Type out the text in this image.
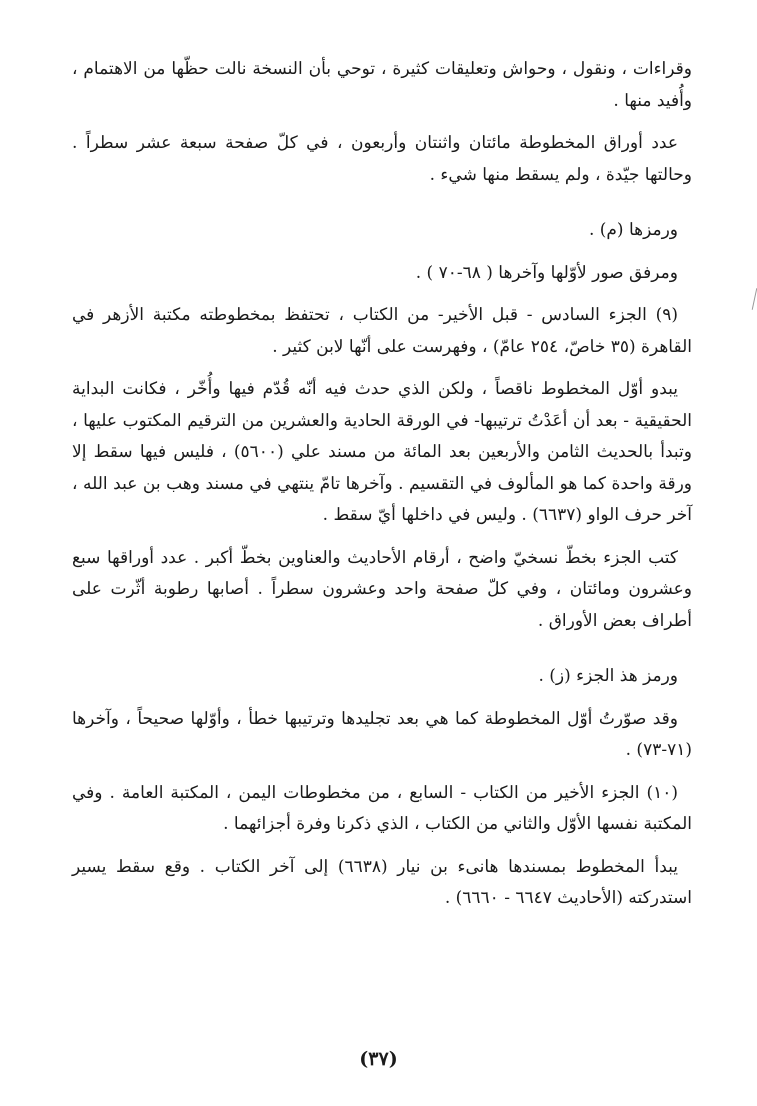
وقراءات ، ونقول ، وحواش وتعليقات كثيرة ، توحي بأن النسخة نالت حظّها من الاهتمام ، وأُفيد منها .

عدد أوراق المخطوطة مائتان واثنتان وأربعون ، في كلّ صفحة سبعة عشر سطراً . وحالتها جيّدة ، ولم يسقط منها شيء .

ورمزها (م) .

ومرفق صور لأوّلها وآخرها ( ٦٨-٧٠ ) .

(٩) الجزء السادس - قبل الأخير- من الكتاب ، تحتفظ بمخطوطته مكتبة الأزهر في القاهرة (٣٥ خاصّ، ٢٥٤ عامّ) ، وفهرست على أنّها لابن كثير .

يبدو أوّل المخطوط ناقصاً ، ولكن الذي حدث فيه أنّه قُدّم فيها وأُخّر ، فكانت البداية الحقيقية - بعد أن أعَدْتُ ترتيبها- في الورقة الحادية والعشرين من الترقيم المكتوب عليها ، وتبدأ بالحديث الثامن والأربعين بعد المائة من مسند علي (٥٦٠٠) ، فليس فيها سقط إلا ورقة واحدة كما هو المألوف في التقسيم . وآخرها تامّ ينتهي في مسند وهب بن عبد الله ، آخر حرف الواو (٦٦٣٧) . وليس في داخلها أيّ سقط .

كتب الجزء بخطّ نسخيّ واضح ، أرقام الأحاديث والعناوين بخطّ أكبر . عدد أوراقها سبع وعشرون ومائتان ، وفي كلّ صفحة واحد وعشرون سطراً . أصابها رطوبة أثّرت على أطراف بعض الأوراق .

ورمز هذ الجزء (ز) .

وقد صوّرتُ أوّل المخطوطة كما هي بعد تجليدها وترتيبها خطأ ، وأوّلها صحيحاً ، وآخرها (٧١-٧٣) .

(١٠) الجزء الأخير من الكتاب - السابع ، من مخطوطات اليمن ، المكتبة العامة . وفي المكتبة نفسها الأوّل والثاني من الكتاب ، الذي ذكرنا وفرة أجزائهما .

يبدأ المخطوط بمسندها هانىء بن نيار (٦٦٣٨) إلى آخر الكتاب . وقع سقط يسير استدركته (الأحاديث ٦٦٤٧ - ٦٦٦٠) .

(٣٧)
